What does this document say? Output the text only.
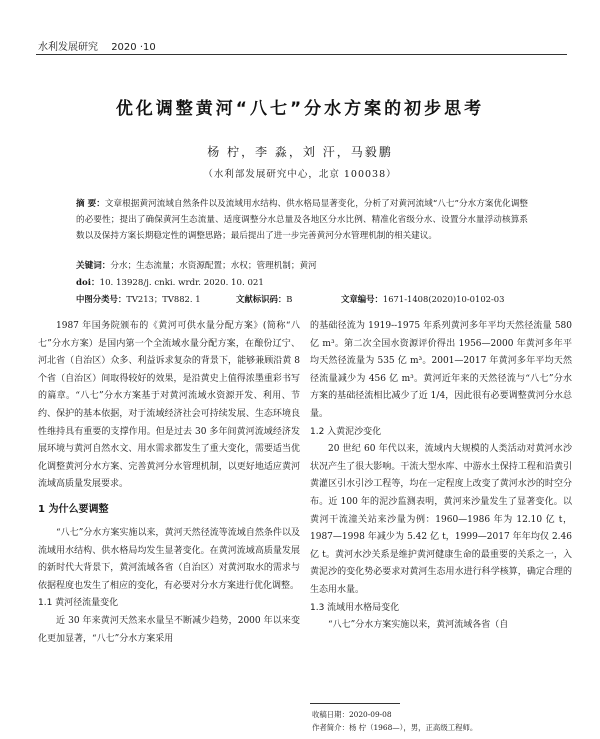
水利发展研究 2020 ·10
优化调整黄河“八七”分水方案的初步思考
杨 柠，李 淼，刘 汗，马毅鹏
（水利部发展研究中心，北京 100038）
摘 要：文章根据黄河流域自然条件以及流域用水结构、供水格局显著变化，分析了对黄河流域“八七”分水方案优化调整的必要性；提出了确保黄河生态流量、适度调整分水总量及各地区分水比例、精准化省级分水、设置分水量浮动核算系数以及保持方案长期稳定性的调整思路；最后提出了进一步完善黄河分水管理机制的相关建议。
关键词：分水；生态流量；水资源配置；水权；管理机制；黄河
doi：10. 13928/j. cnki. wrdr. 2020. 10. 021
中图分类号：TV213；TV882. 1	文献标识码：B	文章编号：1671-1408(2020)10-0102-03

1987 年国务院颁布的《黄河可供水量分配方案》(简称“八七”分水方案）是国内第一个全流域水量分配方案，在酿份辽宁、河北省（自治区）众多、利益诉求复杂的背景下，能够兼顾沿黄 8 个省（自治区）间取得较好的效果，是沿黄史上值得浓墨重彩书写的篇章。“八七”分水方案基于对黄河流域水资源开发、利用、节约、保护的基本依据，对于流域经济社会可持续发展、生态环境良性维持具有重要的支撑作用。但是过去 30 多年间黄河流域经济发展环境与黄河自然水文、用水需求都发生了重大变化，需要适当优化调整黄河分水方案、完善黄河分水管理机制，以更好地适应黄河流域高质量发展要求。

1 为什么要调整

“八七”分水方案实施以来，黄河天然径流等流域自然条件以及流域用水结构、供水格局均发生显著变化。在黄河流域高质量发展的新时代大背景下，黄河流域各省（自治区）对黄河取水的需求与依据程度也发生了相应的变化，有必要对分水方案进行优化调整。

1.1 黄河径流量变化

近 30 年来黄河天然来水量呈不断减少趋势，2000 年以来变化更加显著，“八七”分水方案采用

的基础径流为 1919--1975 年系列黄河多年平均天然径流量 580 亿 m³。第二次全国水资源评价得出 1956—2000 年黄河多年平均天然径流量为 535 亿 m³。2001—2017 年黄河多年平均天然径流量减少为 456 亿 m³。黄河近年来的天然径流与“八七”分水方案的基础径流相比减少了近 1/4，因此很有必要调整黄河分水总量。

1.2 入黄泥沙变化

20 世纪 60 年代以来，流域内大规模的人类活动对黄河水沙状况产生了很大影响。干流大型水库、中游水土保持工程和沿黄引黄灌区引水引沙工程等，均在一定程度上改变了黄河水沙的时空分布。近 100 年的泥沙监测表明，黄河来沙量发生了显著变化。以黄河干流潼关站来沙量为例：1960—1986 年为 12.10 亿 t，1987—1998 年减少为 5.42 亿 t，1999—2017 年年均仅 2.46 亿 t。黄河水沙关系是维护黄河健康生命的最重要的关系之一，入黄泥沙的变化势必要求对黄河生态用水进行科学核算，确定合理的生态用水量。

1.3 流域用水格局变化

“八七”分水方案实施以来，黄河流域各省（自

收稿日期：2020-09-08
作者简介：杨 柠（1968—），男，正高级工程师。
